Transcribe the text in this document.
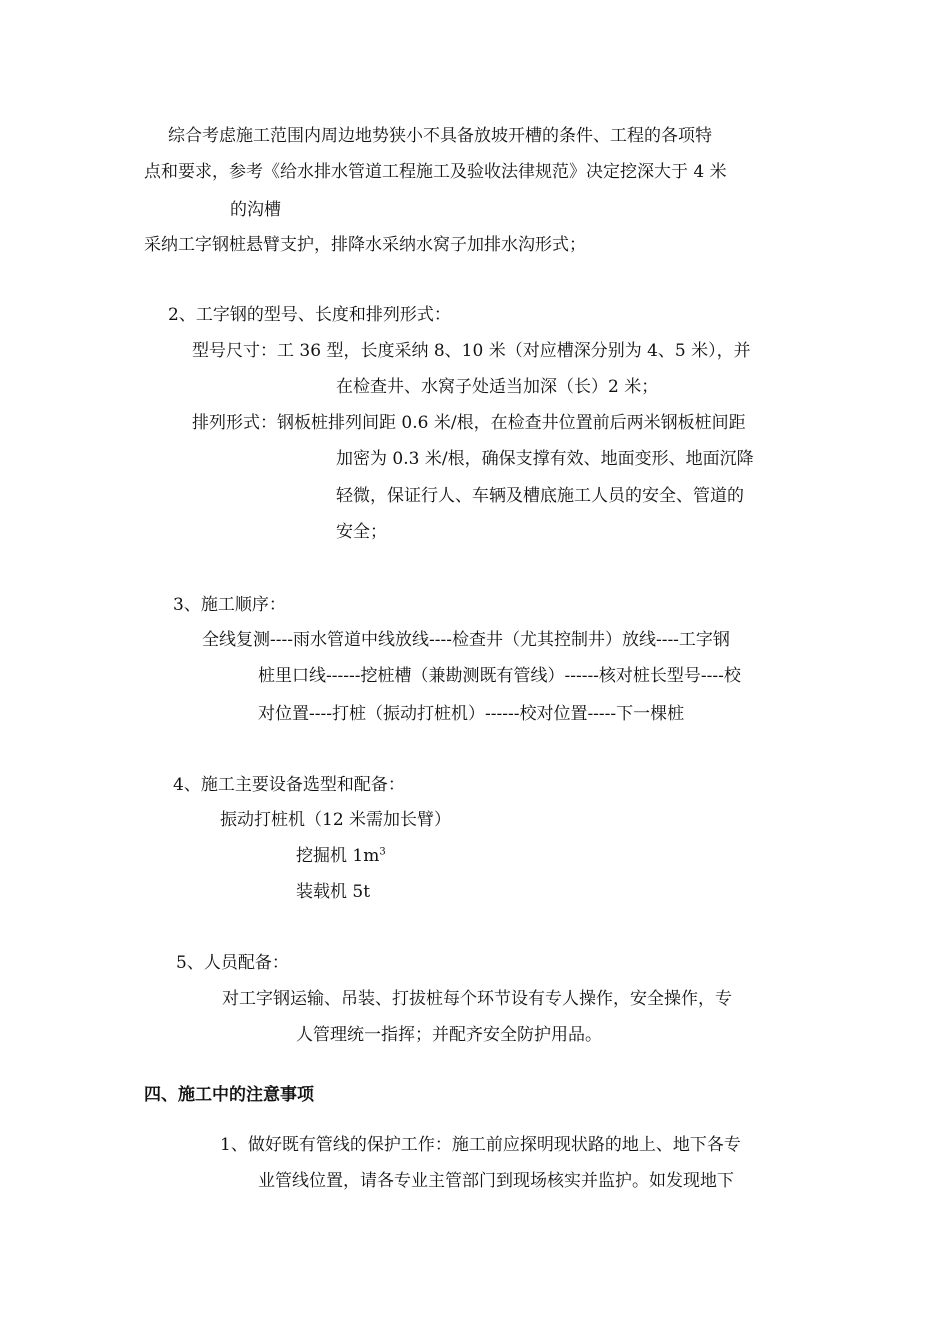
综合考虑施工范围内周边地势狭小不具备放坡开槽的条件、工程的各项特
点和要求，参考《给水排水管道工程施工及验收法律规范》决定挖深大于 4 米
的沟槽
采纳工字钢桩悬臂支护，排降水采纳水窝子加排水沟形式；
2、工字钢的型号、长度和排列形式：
型号尺寸：工 36 型，长度采纳 8、10 米（对应槽深分别为 4、5 米），并
在检查井、水窝子处适当加深（长）2 米；
排列形式：钢板桩排列间距 0.6 米/根，在检查井位置前后两米钢板桩间距
加密为 0.3 米/根，确保支撑有效、地面变形、地面沉降
轻微，保证行人、车辆及槽底施工人员的安全、管道的
安全；
3、施工顺序：
全线复测----雨水管道中线放线----检查井（尤其控制井）放线----工字钢
桩里口线------挖桩槽（兼勘测既有管线）------核对桩长型号----校
对位置----打桩（振动打桩机）------校对位置-----下一棵桩
4、施工主要设备选型和配备：
振动打桩机（12 米需加长臂）
挖掘机 $1m^3$
装载机 5t
5、人员配备：
对工字钢运输、吊装、打拔桩每个环节设有专人操作，安全操作，专
人管理统一指挥；并配齐安全防护用品。
四、施工中的注意事项
1、做好既有管线的保护工作：施工前应探明现状路的地上、地下各专
业管线位置，请各专业主管部门到现场核实并监护。如发现地下
